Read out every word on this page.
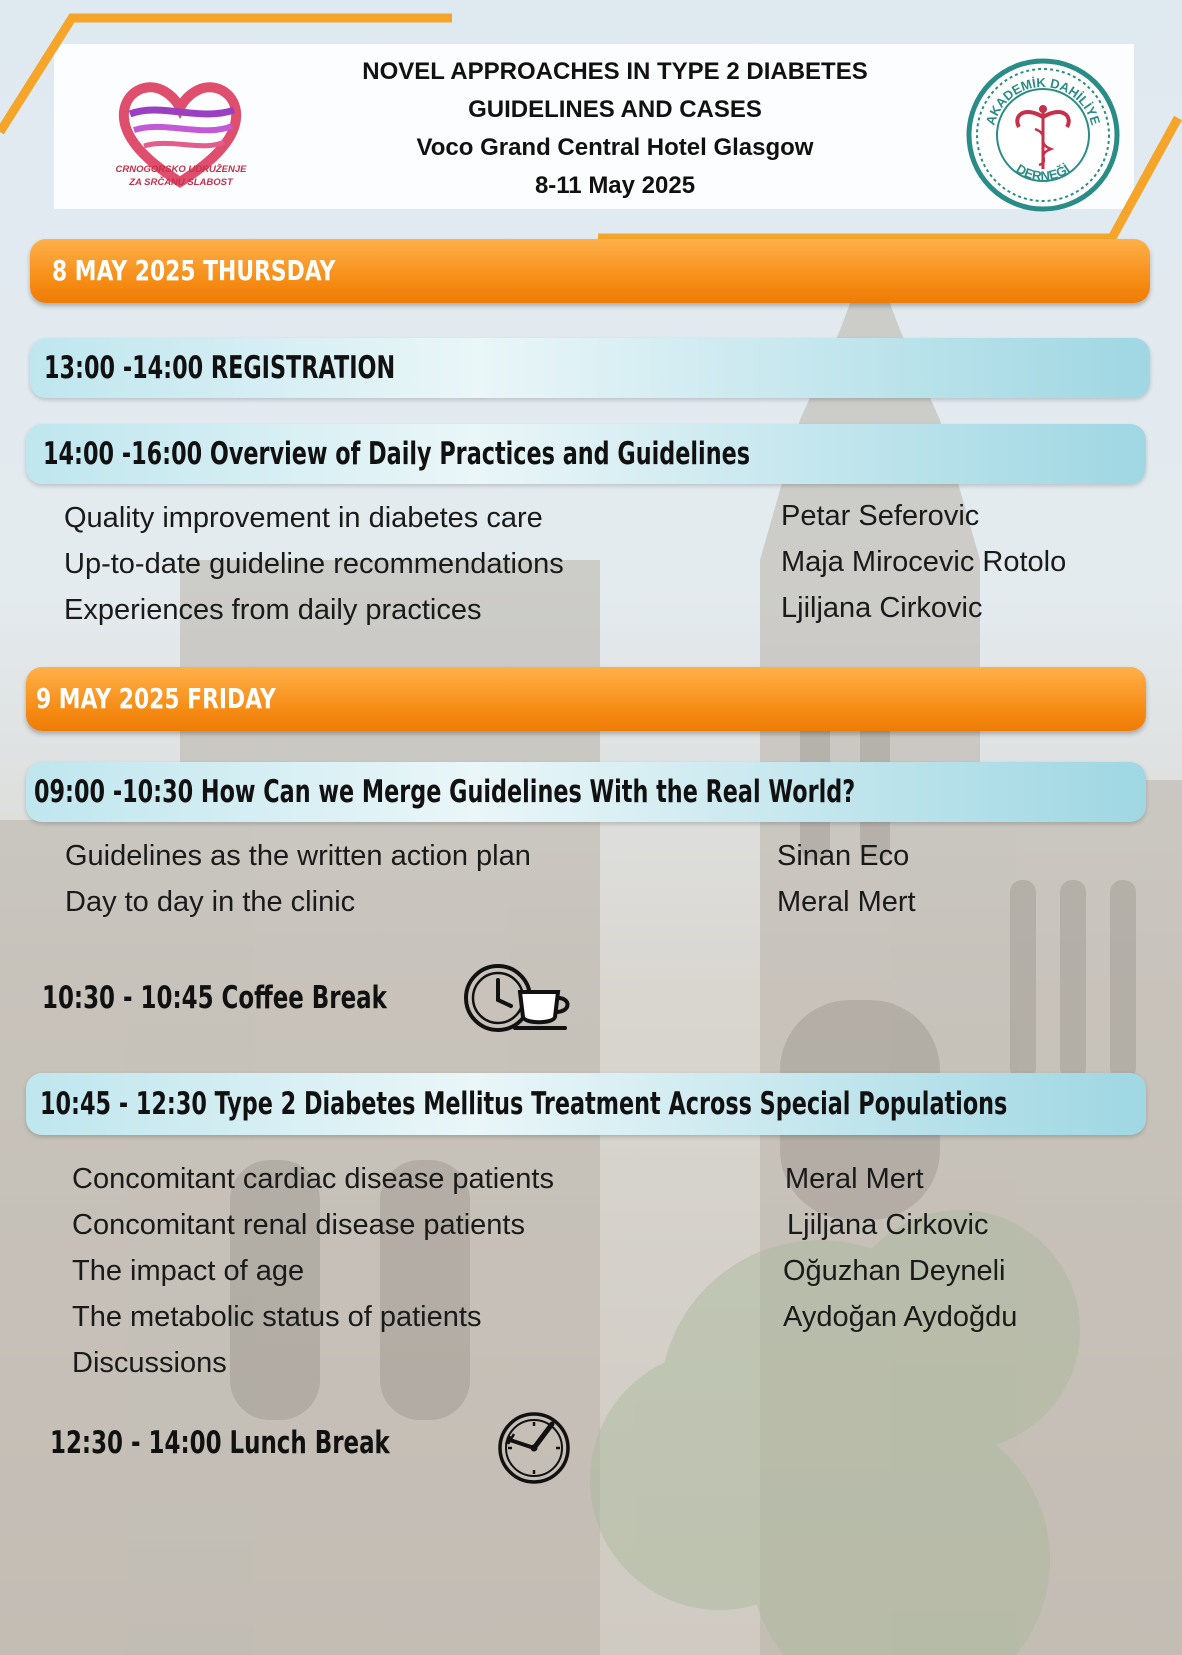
CRNOGORSKO UDRUŽENJE
ZA SRČANU SLABOST
NOVEL APPROACHES IN TYPE 2 DIABETES
GUIDELINES AND CASES
Voco Grand Central Hotel Glasgow
8-11 May 2025
AKADEMİK DAHİLİYE
DERNEĞİ
8 MAY 2025 THURSDAY
13:00 -14:00 REGISTRATION
14:00 -16:00 Overview of Daily Practices and Guidelines
Quality improvement in diabetes care
Up-to-date guideline recommendations
Experiences from daily practices
Petar Seferovic
Maja Mirocevic Rotolo
Ljiljana Cirkovic
9 MAY 2025 FRIDAY
09:00 -10:30 How Can we Merge Guidelines With the Real World?
Guidelines as the written action plan
Day to day in the clinic
Sinan Eco
Meral Mert
10:30 - 10:45 Coffee Break
10:45 - 12:30 Type 2 Diabetes Mellitus Treatment Across Special Populations
Concomitant cardiac disease patients
Concomitant renal disease patients
The impact of age
The metabolic status of patients
Discussions
Meral Mert
Ljiljana Cirkovic
Oğuzhan Deyneli
Aydoğan Aydoğdu
12:30 - 14:00 Lunch Break
